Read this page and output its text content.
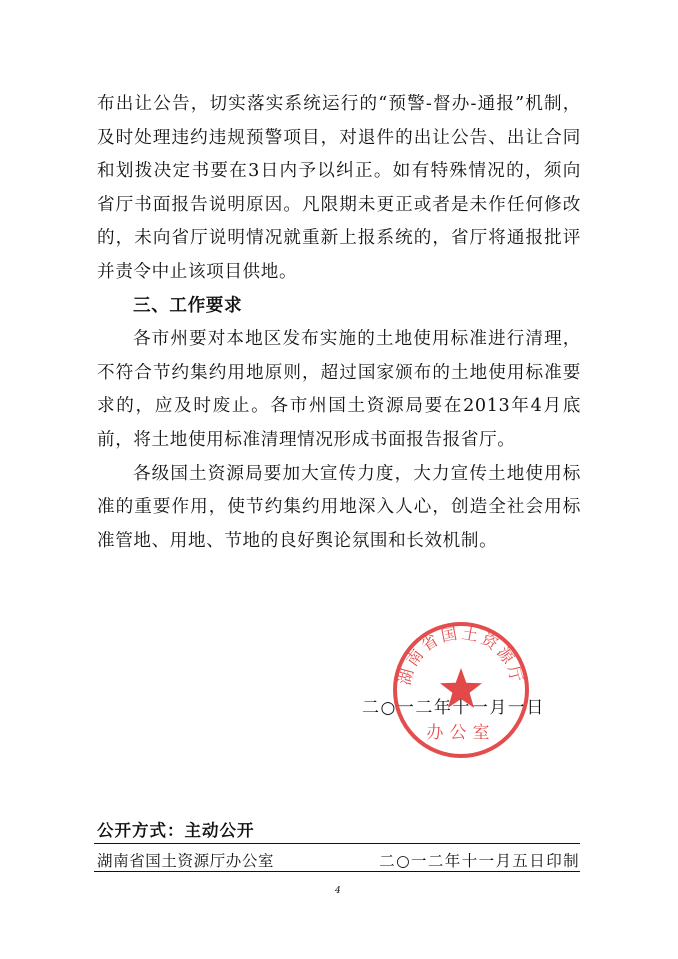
布出让公告，切实落实系统运行的“预警-督办-通报”机制，及时处理违约违规预警项目，对退件的出让公告、出让合同和划拨决定书要在3日内予以纠正。如有特殊情况的，须向省厅书面报告说明原因。凡限期未更正或者是未作任何修改的，未向省厅说明情况就重新上报系统的，省厅将通报批评并责令中止该项目供地。

三、工作要求

各市州要对本地区发布实施的土地使用标准进行清理，不符合节约集约用地原则，超过国家颁布的土地使用标准要求的，应及时废止。各市州国土资源局要在2013年4月底前，将土地使用标准清理情况形成书面报告报省厅。

各级国土资源局要加大宣传力度，大力宣传土地使用标准的重要作用，使节约集约用地深入人心，创造全社会用标准管地、用地、节地的良好舆论氛围和长效机制。

二○一二年十一月一日
湖南省国土资源厅
办公室
公开方式：主动公开
湖南省国土资源厅办公室	二○一二年十一月五日印制
4
